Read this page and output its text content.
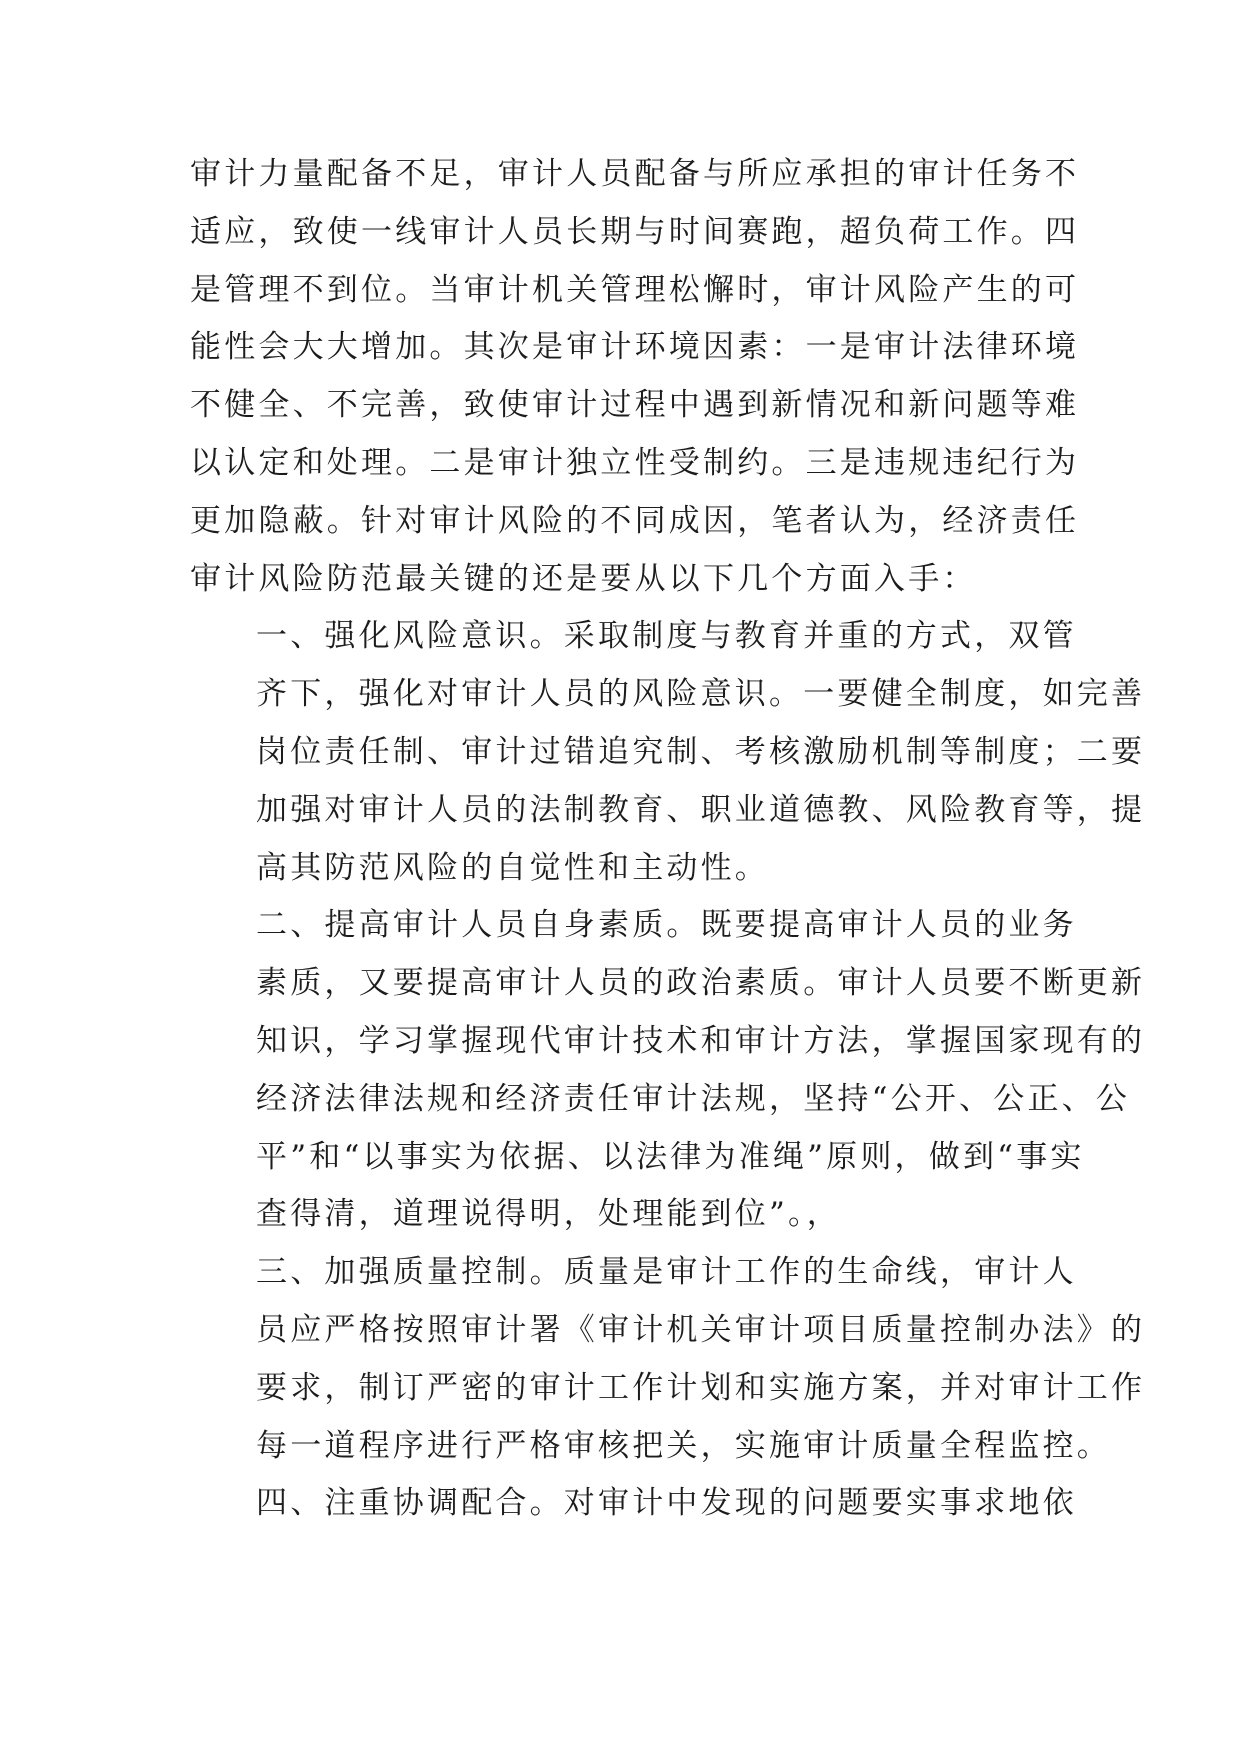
审计力量配备不足，审计人员配备与所应承担的审计任务不
适应，致使一线审计人员长期与时间赛跑，超负荷工作。四
是管理不到位。当审计机关管理松懈时，审计风险产生的可
能性会大大增加。其次是审计环境因素：一是审计法律环境
不健全、不完善，致使审计过程中遇到新情况和新问题等难
以认定和处理。二是审计独立性受制约。三是违规违纪行为
更加隐蔽。针对审计风险的不同成因，笔者认为，经济责任
审计风险防范最关键的还是要从以下几个方面入手：

一、强化风险意识。采取制度与教育并重的方式，双管
齐下，强化对审计人员的风险意识。一要健全制度，如完善
岗位责任制、审计过错追究制、考核激励机制等制度；二要
加强对审计人员的法制教育、职业道德教、风险教育等，提
高其防范风险的自觉性和主动性。

二、提高审计人员自身素质。既要提高审计人员的业务
素质，又要提高审计人员的政治素质。审计人员要不断更新
知识，学习掌握现代审计技术和审计方法，掌握国家现有的
经济法律法规和经济责任审计法规，坚持“公开、公正、公
平”和“以事实为依据、以法律为准绳”原则，做到“事实
查得清，道理说得明，处理能到位”。，

三、加强质量控制。质量是审计工作的生命线，审计人
员应严格按照审计署《审计机关审计项目质量控制办法》的
要求，制订严密的审计工作计划和实施方案，并对审计工作
每一道程序进行严格审核把关，实施审计质量全程监控。

四、注重协调配合。对审计中发现的问题要实事求地依
